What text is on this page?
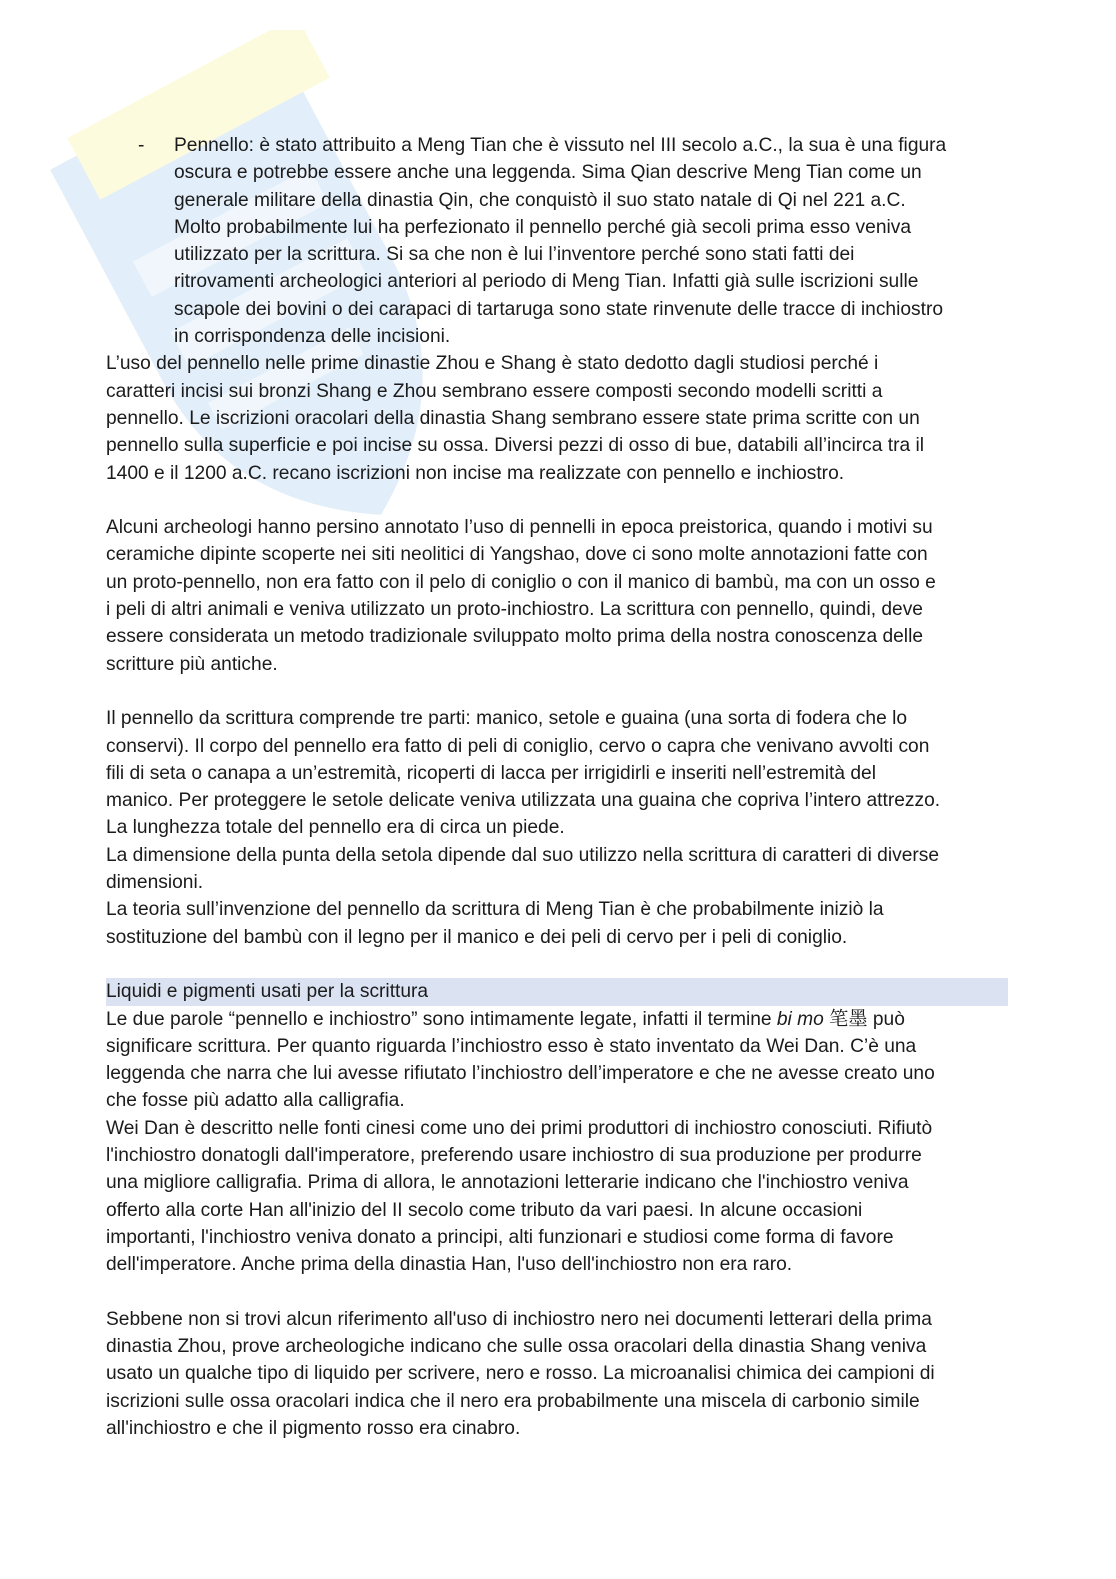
- Pennello: è stato attribuito a Meng Tian che è vissuto nel III secolo a.C., la sua è una figura
oscura e potrebbe essere anche una leggenda. Sima Qian descrive Meng Tian come un
generale militare della dinastia Qin, che conquistò il suo stato natale di Qi nel 221 a.C.
Molto probabilmente lui ha perfezionato il pennello perché già secoli prima esso veniva
utilizzato per la scrittura. Si sa che non è lui l’inventore perché sono stati fatti dei
ritrovamenti archeologici anteriori al periodo di Meng Tian. Infatti già sulle iscrizioni sulle
scapole dei bovini o dei carapaci di tartaruga sono state rinvenute delle tracce di inchiostro
in corrispondenza delle incisioni.

L’uso del pennello nelle prime dinastie Zhou e Shang è stato dedotto dagli studiosi perché i
caratteri incisi sui bronzi Shang e Zhou sembrano essere composti secondo modelli scritti a
pennello. Le iscrizioni oracolari della dinastia Shang sembrano essere state prima scritte con un
pennello sulla superficie e poi incise su ossa. Diversi pezzi di osso di bue, databili all’incirca tra il
1400 e il 1200 a.C. recano iscrizioni non incise ma realizzate con pennello e inchiostro.

Alcuni archeologi hanno persino annotato l’uso di pennelli in epoca preistorica, quando i motivi su
ceramiche dipinte scoperte nei siti neolitici di Yangshao, dove ci sono molte annotazioni fatte con
un proto-pennello, non era fatto con il pelo di coniglio o con il manico di bambù, ma con un osso e
i peli di altri animali e veniva utilizzato un proto-inchiostro. La scrittura con pennello, quindi, deve
essere considerata un metodo tradizionale sviluppato molto prima della nostra conoscenza delle
scritture più antiche.

Il pennello da scrittura comprende tre parti: manico, setole e guaina (una sorta di fodera che lo
conservi). Il corpo del pennello era fatto di peli di coniglio, cervo o capra che venivano avvolti con
fili di seta o canapa a un’estremità, ricoperti di lacca per irrigidirli e inseriti nell’estremità del
manico. Per proteggere le setole delicate veniva utilizzata una guaina che copriva l’intero attrezzo.
La lunghezza totale del pennello era di circa un piede.
La dimensione della punta della setola dipende dal suo utilizzo nella scrittura di caratteri di diverse
dimensioni.
La teoria sull’invenzione del pennello da scrittura di Meng Tian è che probabilmente iniziò la
sostituzione del bambù con il legno per il manico e dei peli di cervo per i peli di coniglio.

Liquidi e pigmenti usati per la scrittura

Le due parole “pennello e inchiostro” sono intimamente legate, infatti il termine bi mo 笔墨 può
significare scrittura. Per quanto riguarda l’inchiostro esso è stato inventato da Wei Dan. C’è una
leggenda che narra che lui avesse rifiutato l’inchiostro dell’imperatore e che ne avesse creato uno
che fosse più adatto alla calligrafia.
Wei Dan è descritto nelle fonti cinesi come uno dei primi produttori di inchiostro conosciuti. Rifiutò
l'inchiostro donatogli dall'imperatore, preferendo usare inchiostro di sua produzione per produrre
una migliore calligrafia. Prima di allora, le annotazioni letterarie indicano che l'inchiostro veniva
offerto alla corte Han all'inizio del II secolo come tributo da vari paesi. In alcune occasioni
importanti, l'inchiostro veniva donato a principi, alti funzionari e studiosi come forma di favore
dell'imperatore. Anche prima della dinastia Han, l'uso dell'inchiostro non era raro.

Sebbene non si trovi alcun riferimento all'uso di inchiostro nero nei documenti letterari della prima
dinastia Zhou, prove archeologiche indicano che sulle ossa oracolari della dinastia Shang veniva
usato un qualche tipo di liquido per scrivere, nero e rosso. La microanalisi chimica dei campioni di
iscrizioni sulle ossa oracolari indica che il nero era probabilmente una miscela di carbonio simile
all'inchiostro e che il pigmento rosso era cinabro.
